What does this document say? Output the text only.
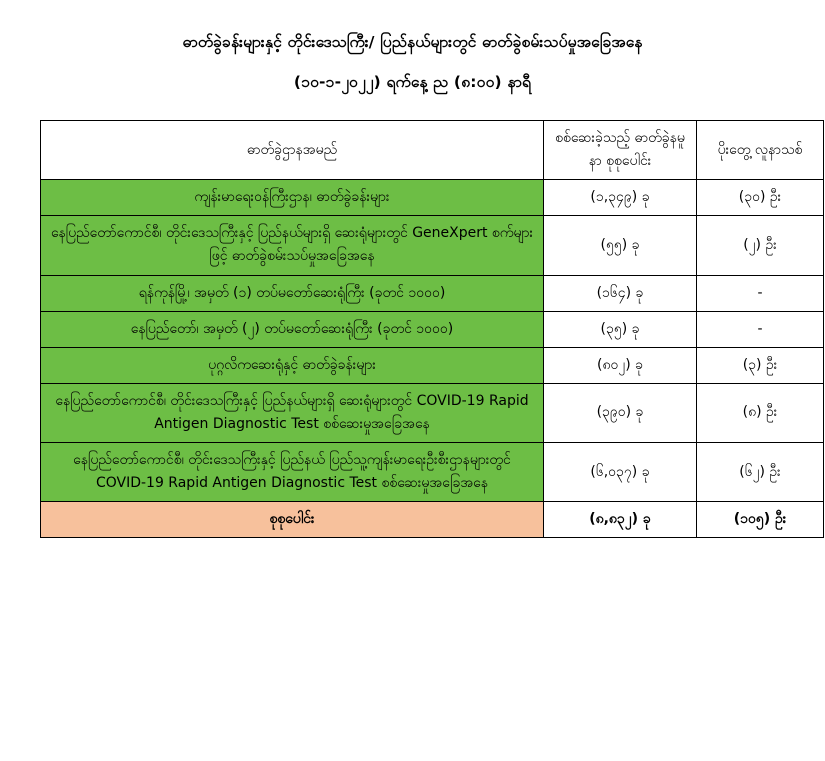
ဓာတ်ခွဲခန်းများနှင့် တိုင်းဒေသကြီး/ ပြည်နယ်များတွင် ဓာတ်ခွဲစမ်းသပ်မှုအခြေအနေ
(၁၀-၁-၂၀၂၂) ရက်နေ့ ည (၈:၀၀) နာရီ
ဓာတ်ခွဲဌာနအမည်	စစ်ဆေးခဲ့သည့် ဓာတ်ခွဲနမူနာ စုစုပေါင်း	ပိုးတွေ့ လူနာသစ်
ကျန်းမာရေးဝန်ကြီးဌာန၊ ဓာတ်ခွဲခန်းများ	(၁,၃၄၉) ခု	(၃၀) ဦး
နေပြည်တော်ကောင်စီ၊ တိုင်းဒေသကြီးနှင့် ပြည်နယ်များရှိ ဆေးရုံများတွင် GeneXpert စက်များဖြင့် ဓာတ်ခွဲစမ်းသပ်မှုအခြေအနေ	(၅၅) ခု	(၂) ဦး
ရန်ကုန်မြို့၊ အမှတ် (၁) တပ်မတော်ဆေးရုံကြီး (ခုတင် ၁၀၀၀)	(၁၆၄) ခု	-
နေပြည်တော်၊ အမှတ် (၂) တပ်မတော်ဆေးရုံကြီး (ခုတင် ၁၀၀၀)	(၃၅) ခု	-
ပုဂ္ဂလိကဆေးရုံနှင့် ဓာတ်ခွဲခန်းများ	(၈၀၂) ခု	(၃) ဦး
နေပြည်တော်ကောင်စီ၊ တိုင်းဒေသကြီးနှင့် ပြည်နယ်များရှိ ဆေးရုံများတွင် COVID-19 Rapid Antigen Diagnostic Test စစ်ဆေးမှုအခြေအနေ	(၃၉၀) ခု	(၈) ဦး
နေပြည်တော်ကောင်စီ၊ တိုင်းဒေသကြီးနှင့် ပြည်နယ် ပြည်သူ့ကျန်းမာရေးဦးစီးဌာနများတွင် COVID-19 Rapid Antigen Diagnostic Test စစ်ဆေးမှုအခြေအနေ	(၆,၀၃၇) ခု	(၆၂) ဦး
စုစုပေါင်း	(၈,၈၃၂) ခု	(၁၀၅) ဦး
